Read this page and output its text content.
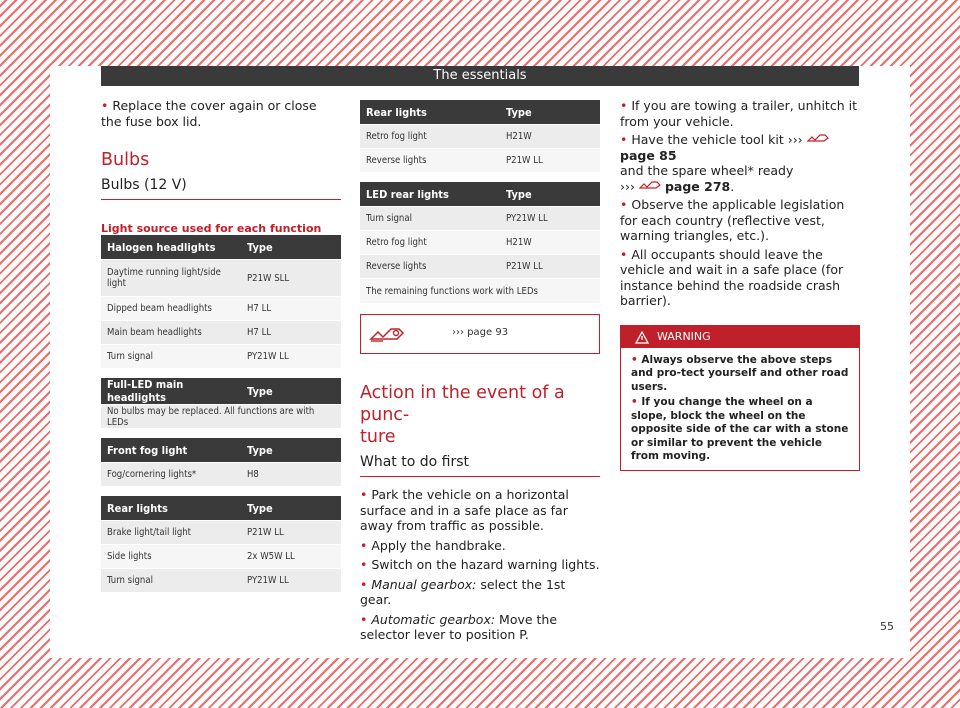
The essentials

• Replace the cover again or close the fuse box lid.

Bulbs
Bulbs (12 V)

Light source used for each function

Halogen headlights	Type
Daytime running light/side light	P21W SLL
Dipped beam headlights	H7 LL
Main beam headlights	H7 LL
Turn signal	PY21W LL
Full-LED main headlights	Type
No bulbs may be replaced. All functions are with LEDs
Front fog light	Type
Fog/cornering lights*	H8
Rear lights	Type
Brake light/tail light	P21W LL
Side lights	2x W5W LL
Turn signal	PY21W LL
Rear lights	Type
Retro fog light	H21W
Reverse lights	P21W LL
LED rear lights	Type
Turn signal	PY21W LL
Retro fog light	H21W
Reverse lights	P21W LL
The remaining functions work with LEDs	
››› page 93
Action in the event of a punc-
ture
What to do first

• Park the vehicle on a horizontal surface and in a safe place as far away from traffic as possible.

• Apply the handbrake.

• Switch on the hazard warning lights.

• Manual gearbox: select the 1st gear.

• Automatic gearbox: Move the selector lever to position P.

• If you are towing a trailer, unhitch it from your vehicle.

• Have the vehicle tool kit ›››  page 85
and the spare wheel* ready
››› page 278.

• Observe the applicable legislation for each country (reflective vest, warning triangles, etc.).

• All occupants should leave the vehicle and wait in a safe place (for instance behind the roadside crash barrier).

WARNING

• Always observe the above steps and pro-tect yourself and other road users.

• If you change the wheel on a slope, block the wheel on the opposite side of the car with a stone or similar to prevent the vehicle from moving.

55
